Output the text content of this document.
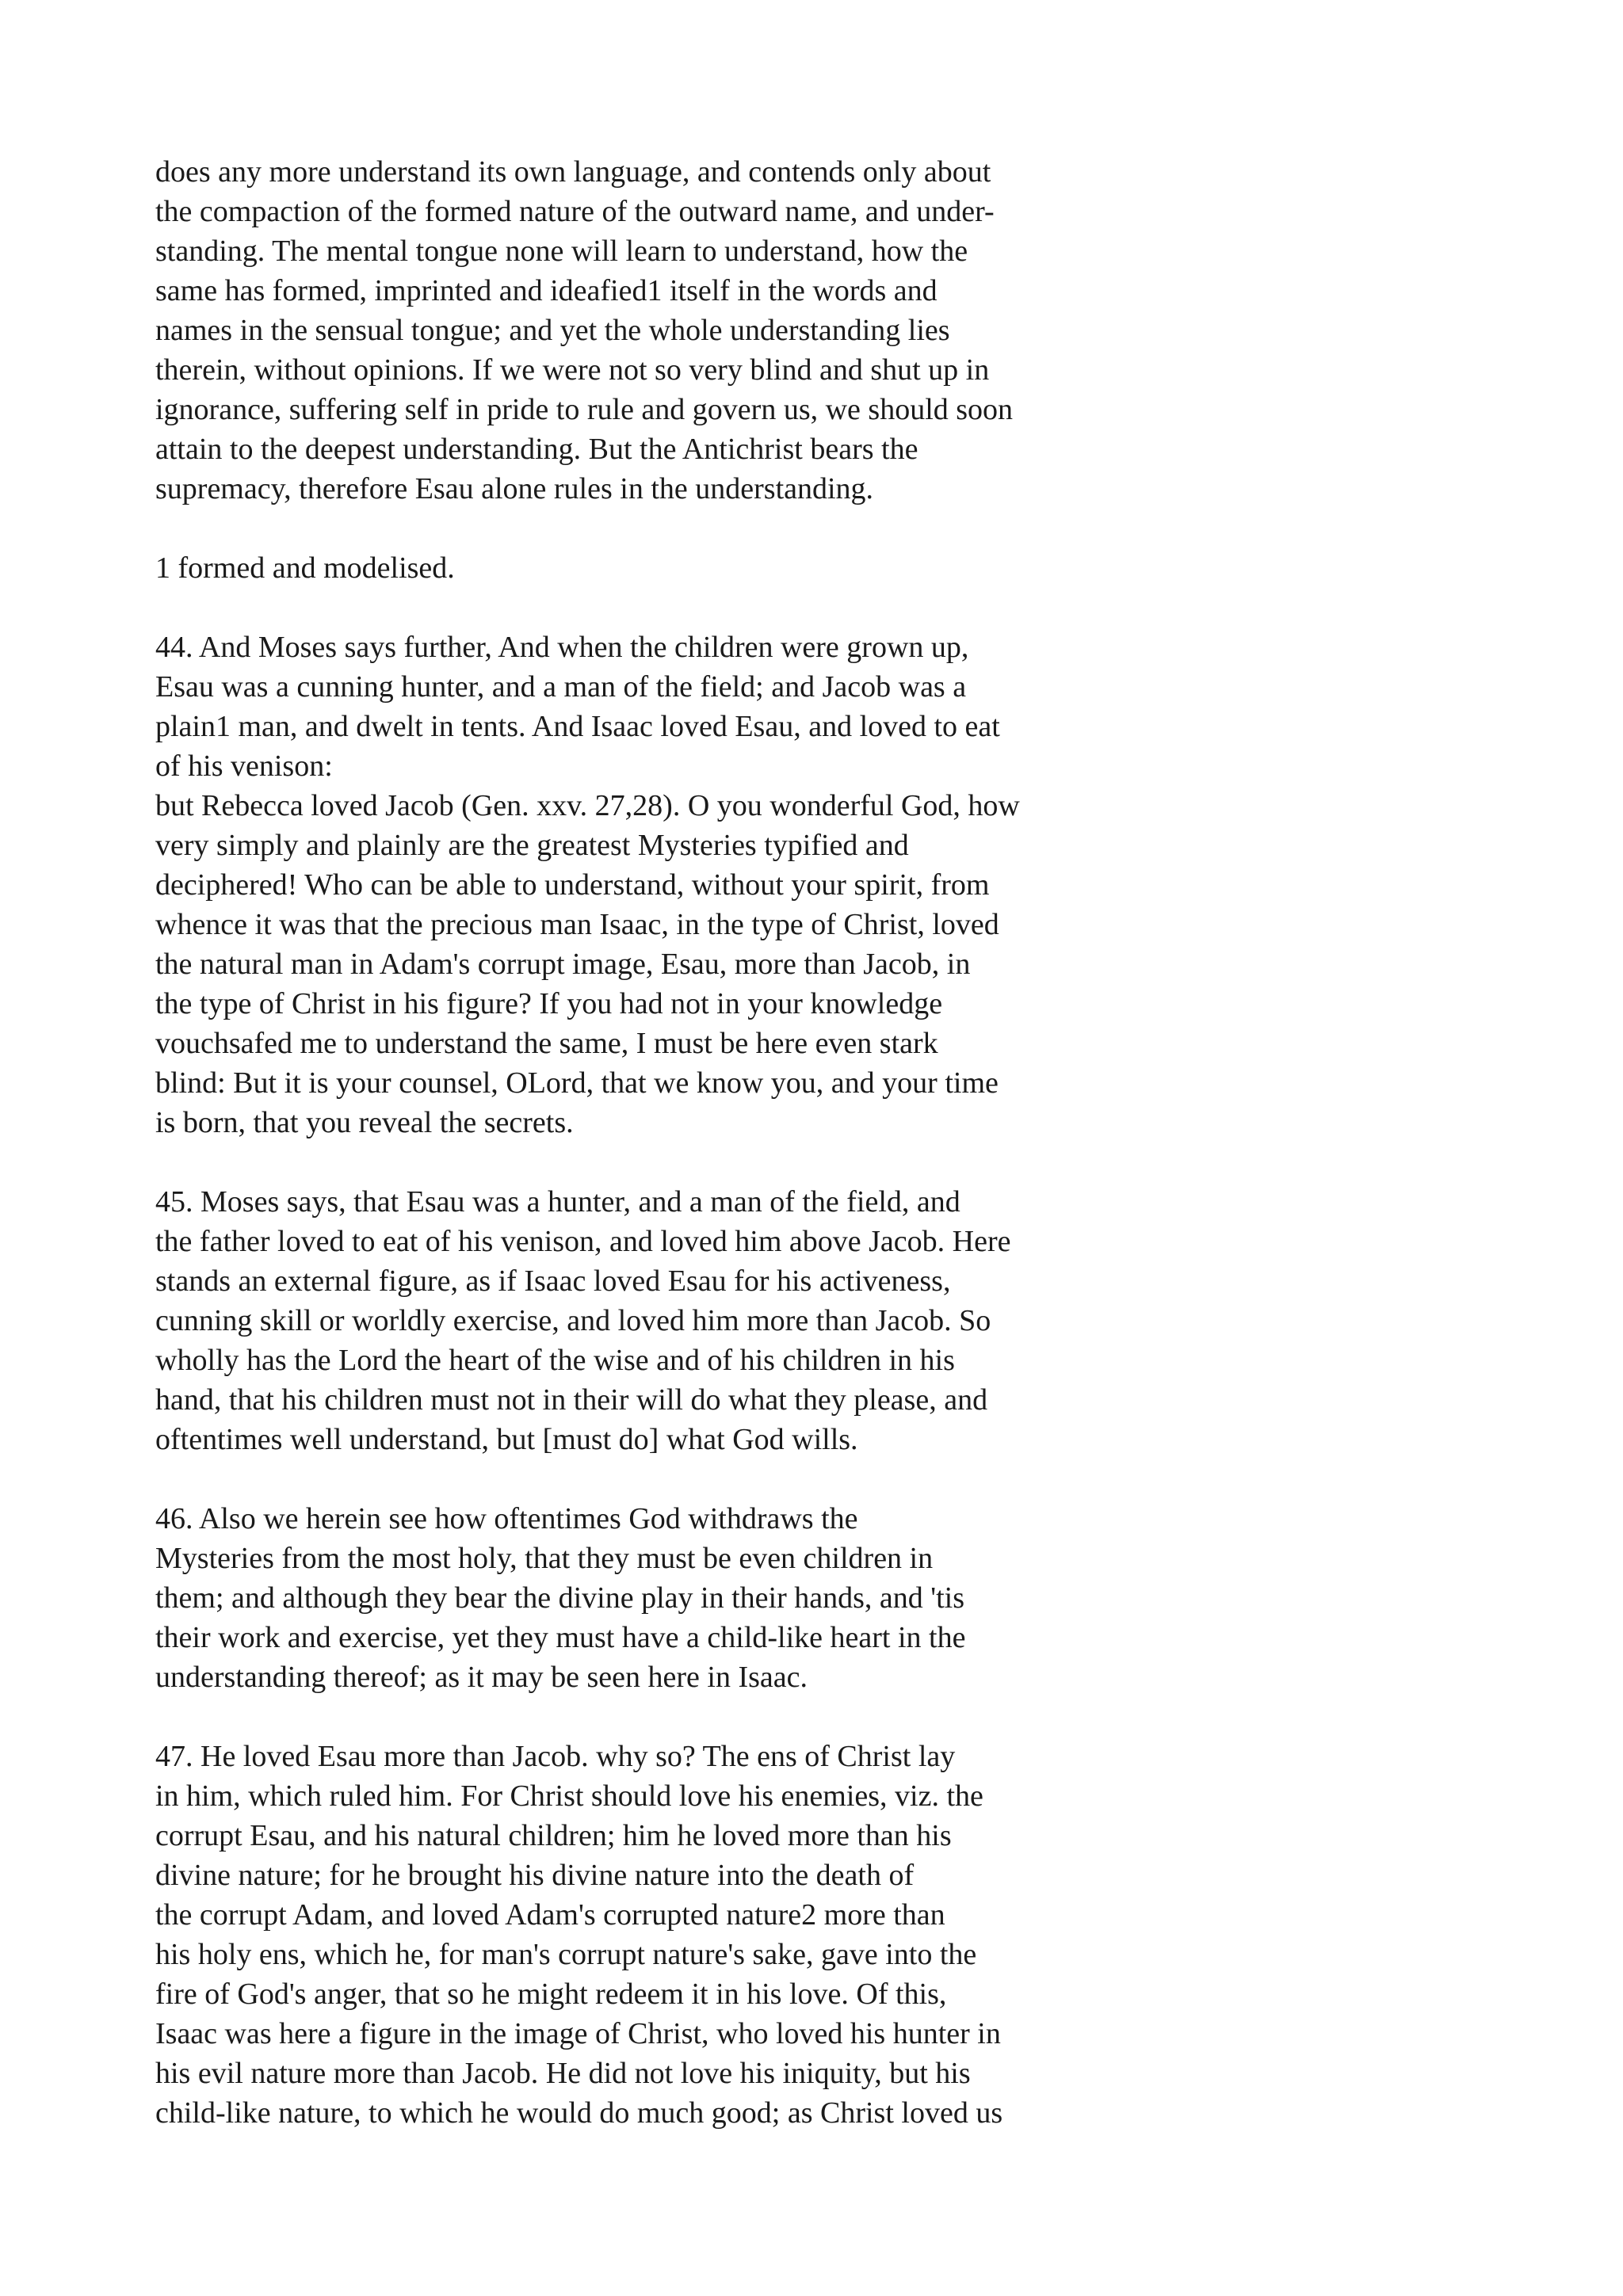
does any more understand its own language, and contends only about
the compaction of the formed nature of the outward name, and under-
standing. The mental tongue none will learn to understand, how the
same has formed, imprinted and ideafied1 itself in the words and
names in the sensual tongue; and yet the whole understanding lies
therein, without opinions. If we were not so very blind and shut up in
ignorance, suffering self in pride to rule and govern us, we should soon
attain to the deepest understanding. But the Antichrist bears the
supremacy, therefore Esau alone rules in the understanding.
1 formed and modelised.
44. And Moses says further, And when the children were grown up,
Esau was a cunning hunter, and a man of the field; and Jacob was a
plain1 man, and dwelt in tents. And Isaac loved Esau, and loved to eat
of his venison:
but Rebecca loved Jacob (Gen. xxv. 27,28). O you wonderful God, how
very simply and plainly are the greatest Mysteries typified and
deciphered! Who can be able to understand, without your spirit, from
whence it was that the precious man Isaac, in the type of Christ, loved
the natural man in Adam's corrupt image, Esau, more than Jacob, in
the type of Christ in his figure? If you had not in your knowledge
vouchsafed me to understand the same, I must be here even stark
blind: But it is your counsel, OLord, that we know you, and your time
is born, that you reveal the secrets.
45. Moses says, that Esau was a hunter, and a man of the field, and
the father loved to eat of his venison, and loved him above Jacob. Here
stands an external figure, as if Isaac loved Esau for his activeness,
cunning skill or worldly exercise, and loved him more than Jacob. So
wholly has the Lord the heart of the wise and of his children in his
hand, that his children must not in their will do what they please, and
oftentimes well understand, but [must do] what God wills.
46. Also we herein see how oftentimes God withdraws the
Mysteries from the most holy, that they must be even children in
them; and although they bear the divine play in their hands, and 'tis
their work and exercise, yet they must have a child-like heart in the
understanding thereof; as it may be seen here in Isaac.
47. He loved Esau more than Jacob. why so? The ens of Christ lay
in him, which ruled him. For Christ should love his enemies, viz. the
corrupt Esau, and his natural children; him he loved more than his
divine nature; for he brought his divine nature into the death of
the corrupt Adam, and loved Adam's corrupted nature2 more than
his holy ens, which he, for man's corrupt nature's sake, gave into the
fire of God's anger, that so he might redeem it in his love. Of this,
Isaac was here a figure in the image of Christ, who loved his hunter in
his evil nature more than Jacob. He did not love his iniquity, but his
child-like nature, to which he would do much good; as Christ loved us
